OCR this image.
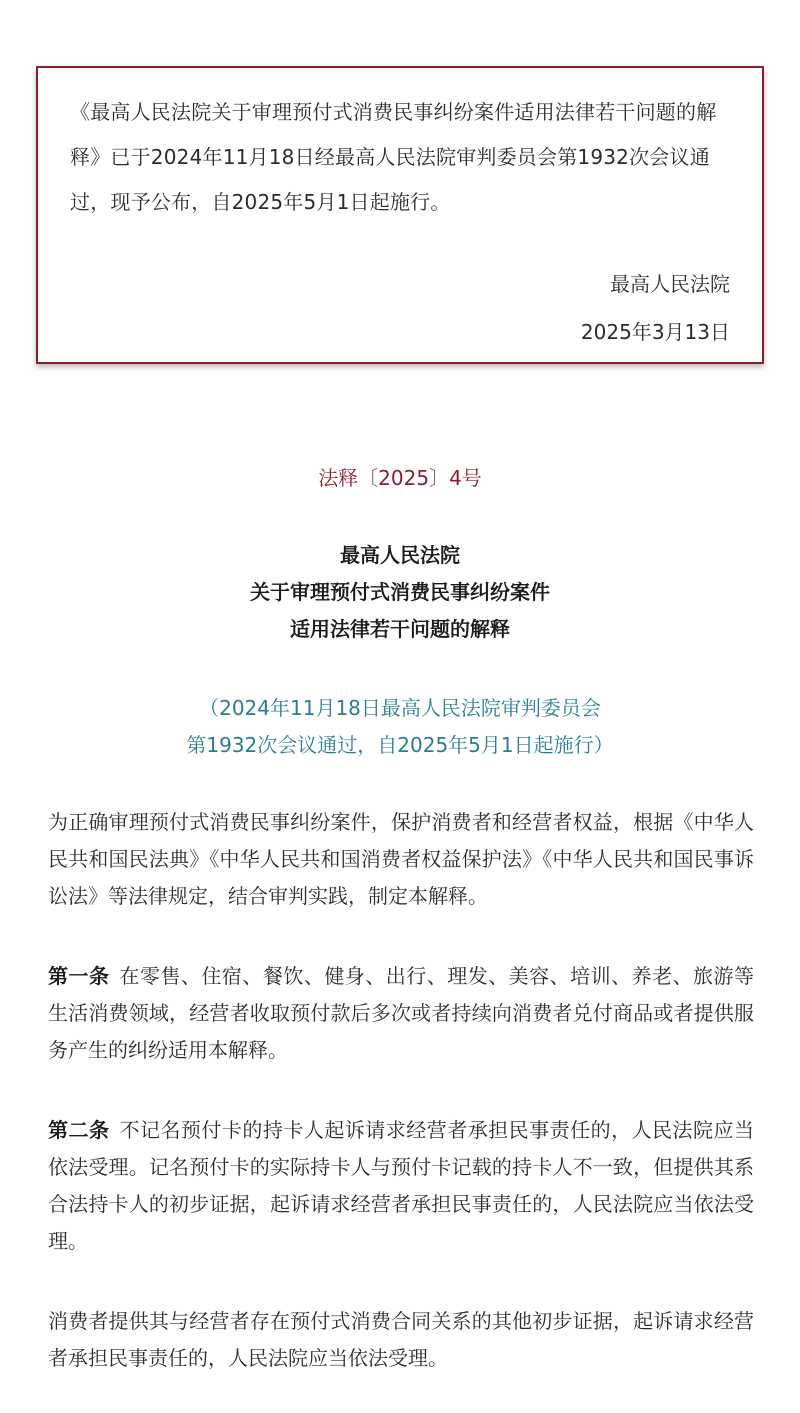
《最高人民法院关于审理预付式消费民事纠纷案件适用法律若干问题的解释》已于2024年11月18日经最高人民法院审判委员会第1932次会议通过，现予公布，自2025年5月1日起施行。
最高人民法院
2025年3月13日
法释〔2025〕4号
最高人民法院
关于审理预付式消费民事纠纷案件
适用法律若干问题的解释
（2024年11月18日最高人民法院审判委员会
第1932次会议通过，自2025年5月1日起施行）
为正确审理预付式消费民事纠纷案件，保护消费者和经营者权益，根据《中华人民共和国民法典》《中华人民共和国消费者权益保护法》《中华人民共和国民事诉讼法》等法律规定，结合审判实践，制定本解释。
第一条 在零售、住宿、餐饮、健身、出行、理发、美容、培训、养老、旅游等生活消费领域，经营者收取预付款后多次或者持续向消费者兑付商品或者提供服务产生的纠纷适用本解释。
第二条 不记名预付卡的持卡人起诉请求经营者承担民事责任的，人民法院应当依法受理。记名预付卡的实际持卡人与预付卡记载的持卡人不一致，但提供其系合法持卡人的初步证据，起诉请求经营者承担民事责任的，人民法院应当依法受理。
消费者提供其与经营者存在预付式消费合同关系的其他初步证据，起诉请求经营者承担民事责任的，人民法院应当依法受理。
